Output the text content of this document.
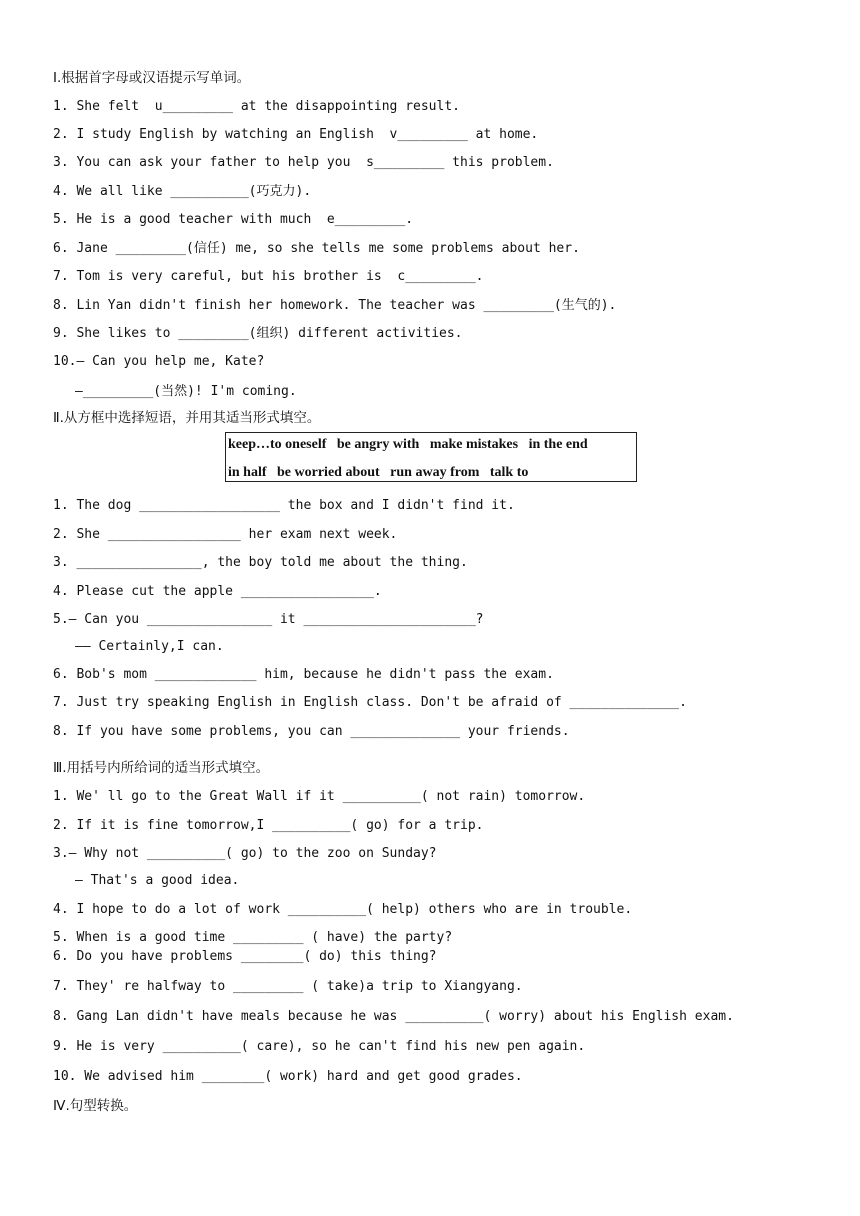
Ⅰ.根据首字母或汉语提示写单词。
1. She felt  u_________ at the disappointing result.
2. I study English by watching an English  v_________ at home.
3. You can ask your father to help you  s_________ this problem.
4. We all like __________(巧克力).
5. He is a good teacher with much  e_________.
6. Jane _________(信任) me, so she tells me some problems about her.
7. Tom is very careful, but his brother is  c_________.
8. Lin Yan didn't finish her homework. The teacher was _________(生气的).
9. She likes to _________(组织) different activities.
10.— Can you help me, Kate?
—_________(当然)! I'm coming.
Ⅱ.从方框中选择短语，并用其适当形式填空。
keep…to oneself   be angry with   make mistakes   in the end
in half   be worried about   run away from   talk to
1. The dog __________________ the box and I didn't find it.
2. She _________________ her exam next week.
3. ________________, the boy told me about the thing.
4. Please cut the apple _________________.
5.— Can you ________________ it ______________________?
—— Certainly,I can.
6. Bob's mom _____________ him, because he didn't pass the exam.
7. Just try speaking English in English class. Don't be afraid of ______________.
8. If you have some problems, you can ______________ your friends.
Ⅲ.用括号内所给词的适当形式填空。
1. We' ll go to the Great Wall if it __________( not rain) tomorrow.
2. If it is fine tomorrow,I __________( go) for a trip.
3.— Why not __________( go) to the zoo on Sunday?
— That's a good idea.
4. I hope to do a lot of work __________( help) others who are in trouble.
5. When is a good time _________ ( have) the party?
6. Do you have problems ________( do) this thing?
7. They' re halfway to _________ ( take)a trip to Xiangyang.
8. Gang Lan didn't have meals because he was __________( worry) about his English exam.
9. He is very __________( care), so he can't find his new pen again.
10. We advised him ________( work) hard and get good grades.
Ⅳ.句型转换。
